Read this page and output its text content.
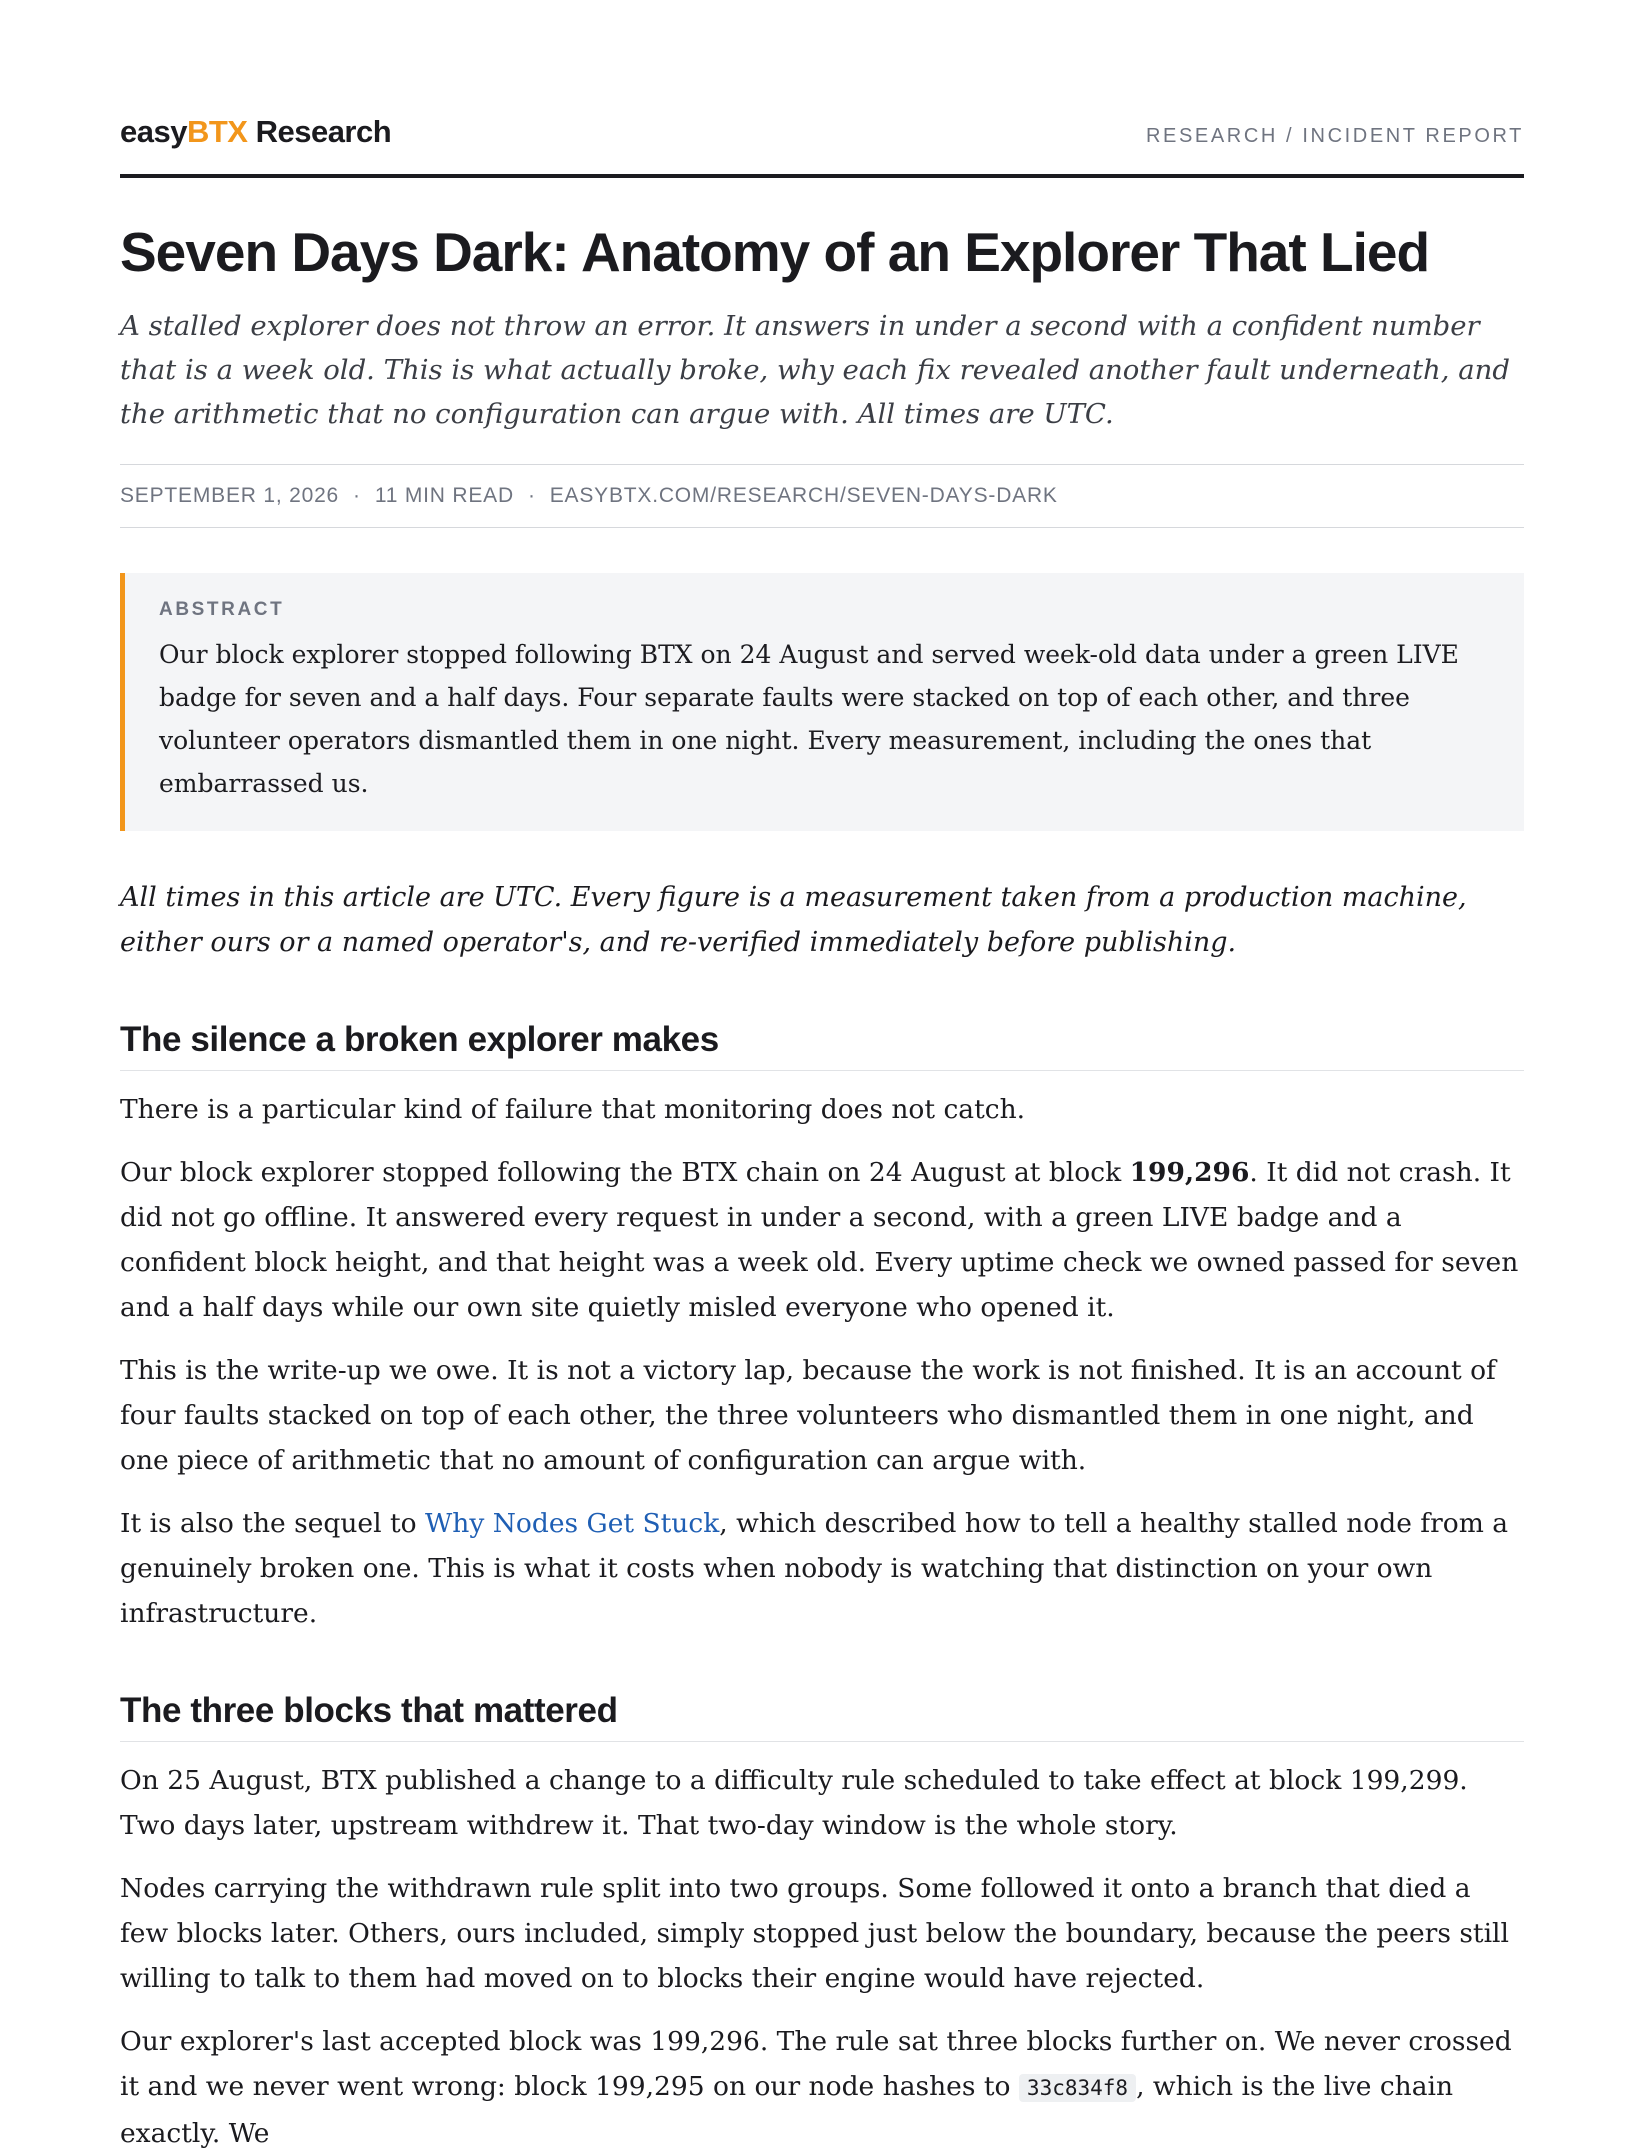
easyBTX Research	RESEARCH / INCIDENT REPORT
Seven Days Dark: Anatomy of an Explorer That Lied

A stalled explorer does not throw an error. It answers in under a second with a confident number that is a week old. This is what actually broke, why each fix revealed another fault underneath, and the arithmetic that no configuration can argue with. All times are UTC.

SEPTEMBER 1, 2026 · 11 MIN READ · EASYBTX.COM/RESEARCH/SEVEN-DAYS-DARK
ABSTRACT
Our block explorer stopped following BTX on 24 August and served week-old data under a green LIVE badge for seven and a half days. Four separate faults were stacked on top of each other, and three volunteer operators dismantled them in one night. Every measurement, including the ones that embarrassed us.

All times in this article are UTC. Every figure is a measurement taken from a production machine, either ours or a named operator's, and re-verified immediately before publishing.

The silence a broken explorer makes

There is a particular kind of failure that monitoring does not catch.

Our block explorer stopped following the BTX chain on 24 August at block 199,296. It did not crash. It did not go offline. It answered every request in under a second, with a green LIVE badge and a confident block height, and that height was a week old. Every uptime check we owned passed for seven and a half days while our own site quietly misled everyone who opened it.

This is the write-up we owe. It is not a victory lap, because the work is not finished. It is an account of four faults stacked on top of each other, the three volunteers who dismantled them in one night, and one piece of arithmetic that no amount of configuration can argue with.

It is also the sequel to Why Nodes Get Stuck, which described how to tell a healthy stalled node from a genuinely broken one. This is what it costs when nobody is watching that distinction on your own infrastructure.

The three blocks that mattered

On 25 August, BTX published a change to a difficulty rule scheduled to take effect at block 199,299. Two days later, upstream withdrew it. That two-day window is the whole story.

Nodes carrying the withdrawn rule split into two groups. Some followed it onto a branch that died a few blocks later. Others, ours included, simply stopped just below the boundary, because the peers still willing to talk to them had moved on to blocks their engine would have rejected.

Our explorer's last accepted block was 199,296. The rule sat three blocks further on. We never crossed it and we never went wrong: block 199,295 on our node hashes to 33c834f8 , which is the live chain exactly. We
